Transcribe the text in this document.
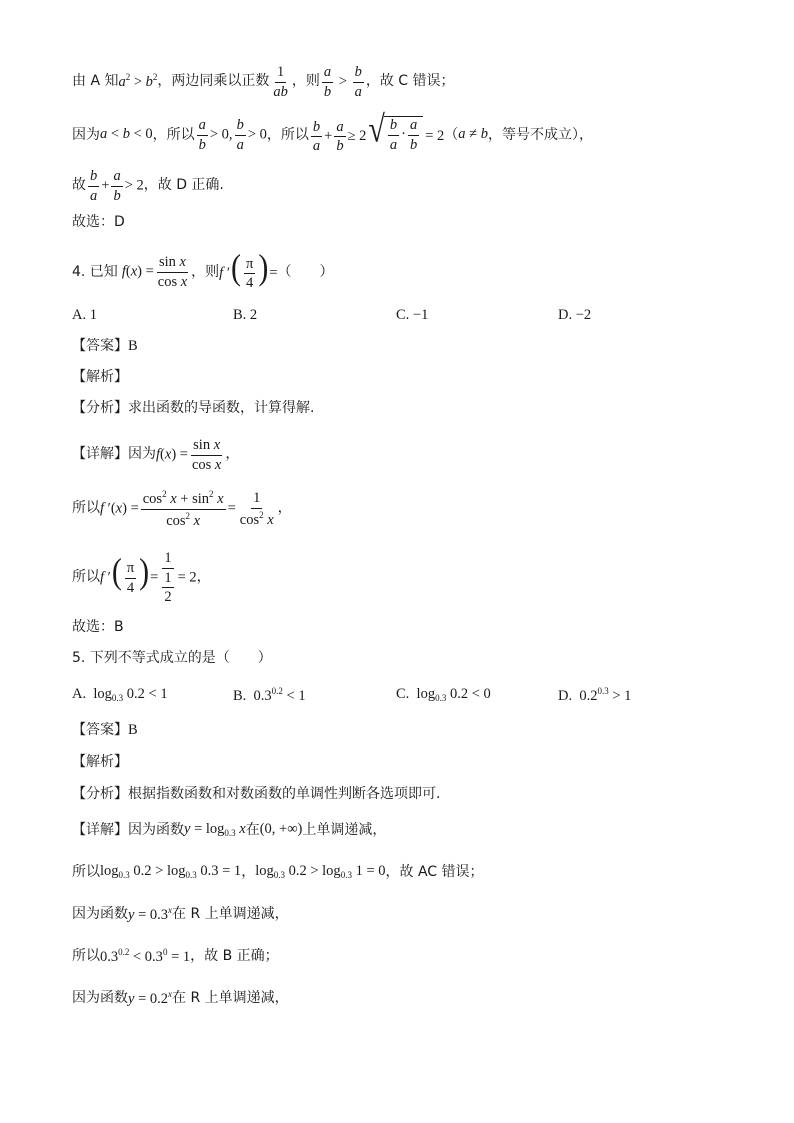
由 A 知 $a^2 > b^2$ ，两边同乘以正数 $\frac{1}{ab}$ ，则 $\frac{a}{b} > \frac{b}{a}$ ，故 C 错误；
因为 a < b < 0 ，所以 $\frac{a}{b} > 0$, $\frac{b}{a} > 0$ ，所以 $\frac{b}{a} + \frac{a}{b} \ge 2$ √ $\frac{b}{a} \cdot \frac{a}{b} = 2$ （ a ≠ b ，等号不成立），
故 $\frac{b}{a} + \frac{a}{b} > 2$ ，故 D 正确.
故选：D
4. 已知 $f(x) = \frac{\text{sin x}}{\text{cos x}}$ ，则 f ′( $\frac{\pi}{4}$ )= （　　）
A. 1	B. 2	C. −1	D. −2
【答案】 B
【解析】
【分析】 求出函数的导函数，计算得解.
【详解】 因为 $f(x) = \frac{\text{sin x}}{\text{cos x}}$ ，
所以 f $'(x) = \frac{\cos^2 x + \sin^2 x}{\cos^2 x} = \frac{1}{\cos^2 x}$ ，
所以 f ′( $\frac{\pi}{4}$ )= $\frac{1}{\frac{1}{2}} = 2$ ，
故选：B
5. 下列不等式成立的是（　　）
A.  $\log_{0.3} 0.2 < 1$	B.  $0.3^{0.2} < 1$	C.  $\log_{0.3} 0.2 < 0$	D.  $0.2^{0.3} > 1$
【答案】 B
【解析】
【分析】 根据指数函数和对数函数的单调性判断各选项即可.
【详解】 因为函数 $y = \log_{0.3} x$ 在 (0, +∞) 上单调递减，
所以 $\log_{0.3} 0.2 > \log_{0.3} 0.3 = 1$ ， $\log_{0.3} 0.2 > \log_{0.3} 1 = 0$ ，故 AC 错误；
因为函数 $y = 0.3^x$ 在 R 上单调递减，
所以 $0.3^{0.2} < 0.3^0 = 1$ ，故 B 正确；
因为函数 $y = 0.2^x$ 在 R 上单调递减，
